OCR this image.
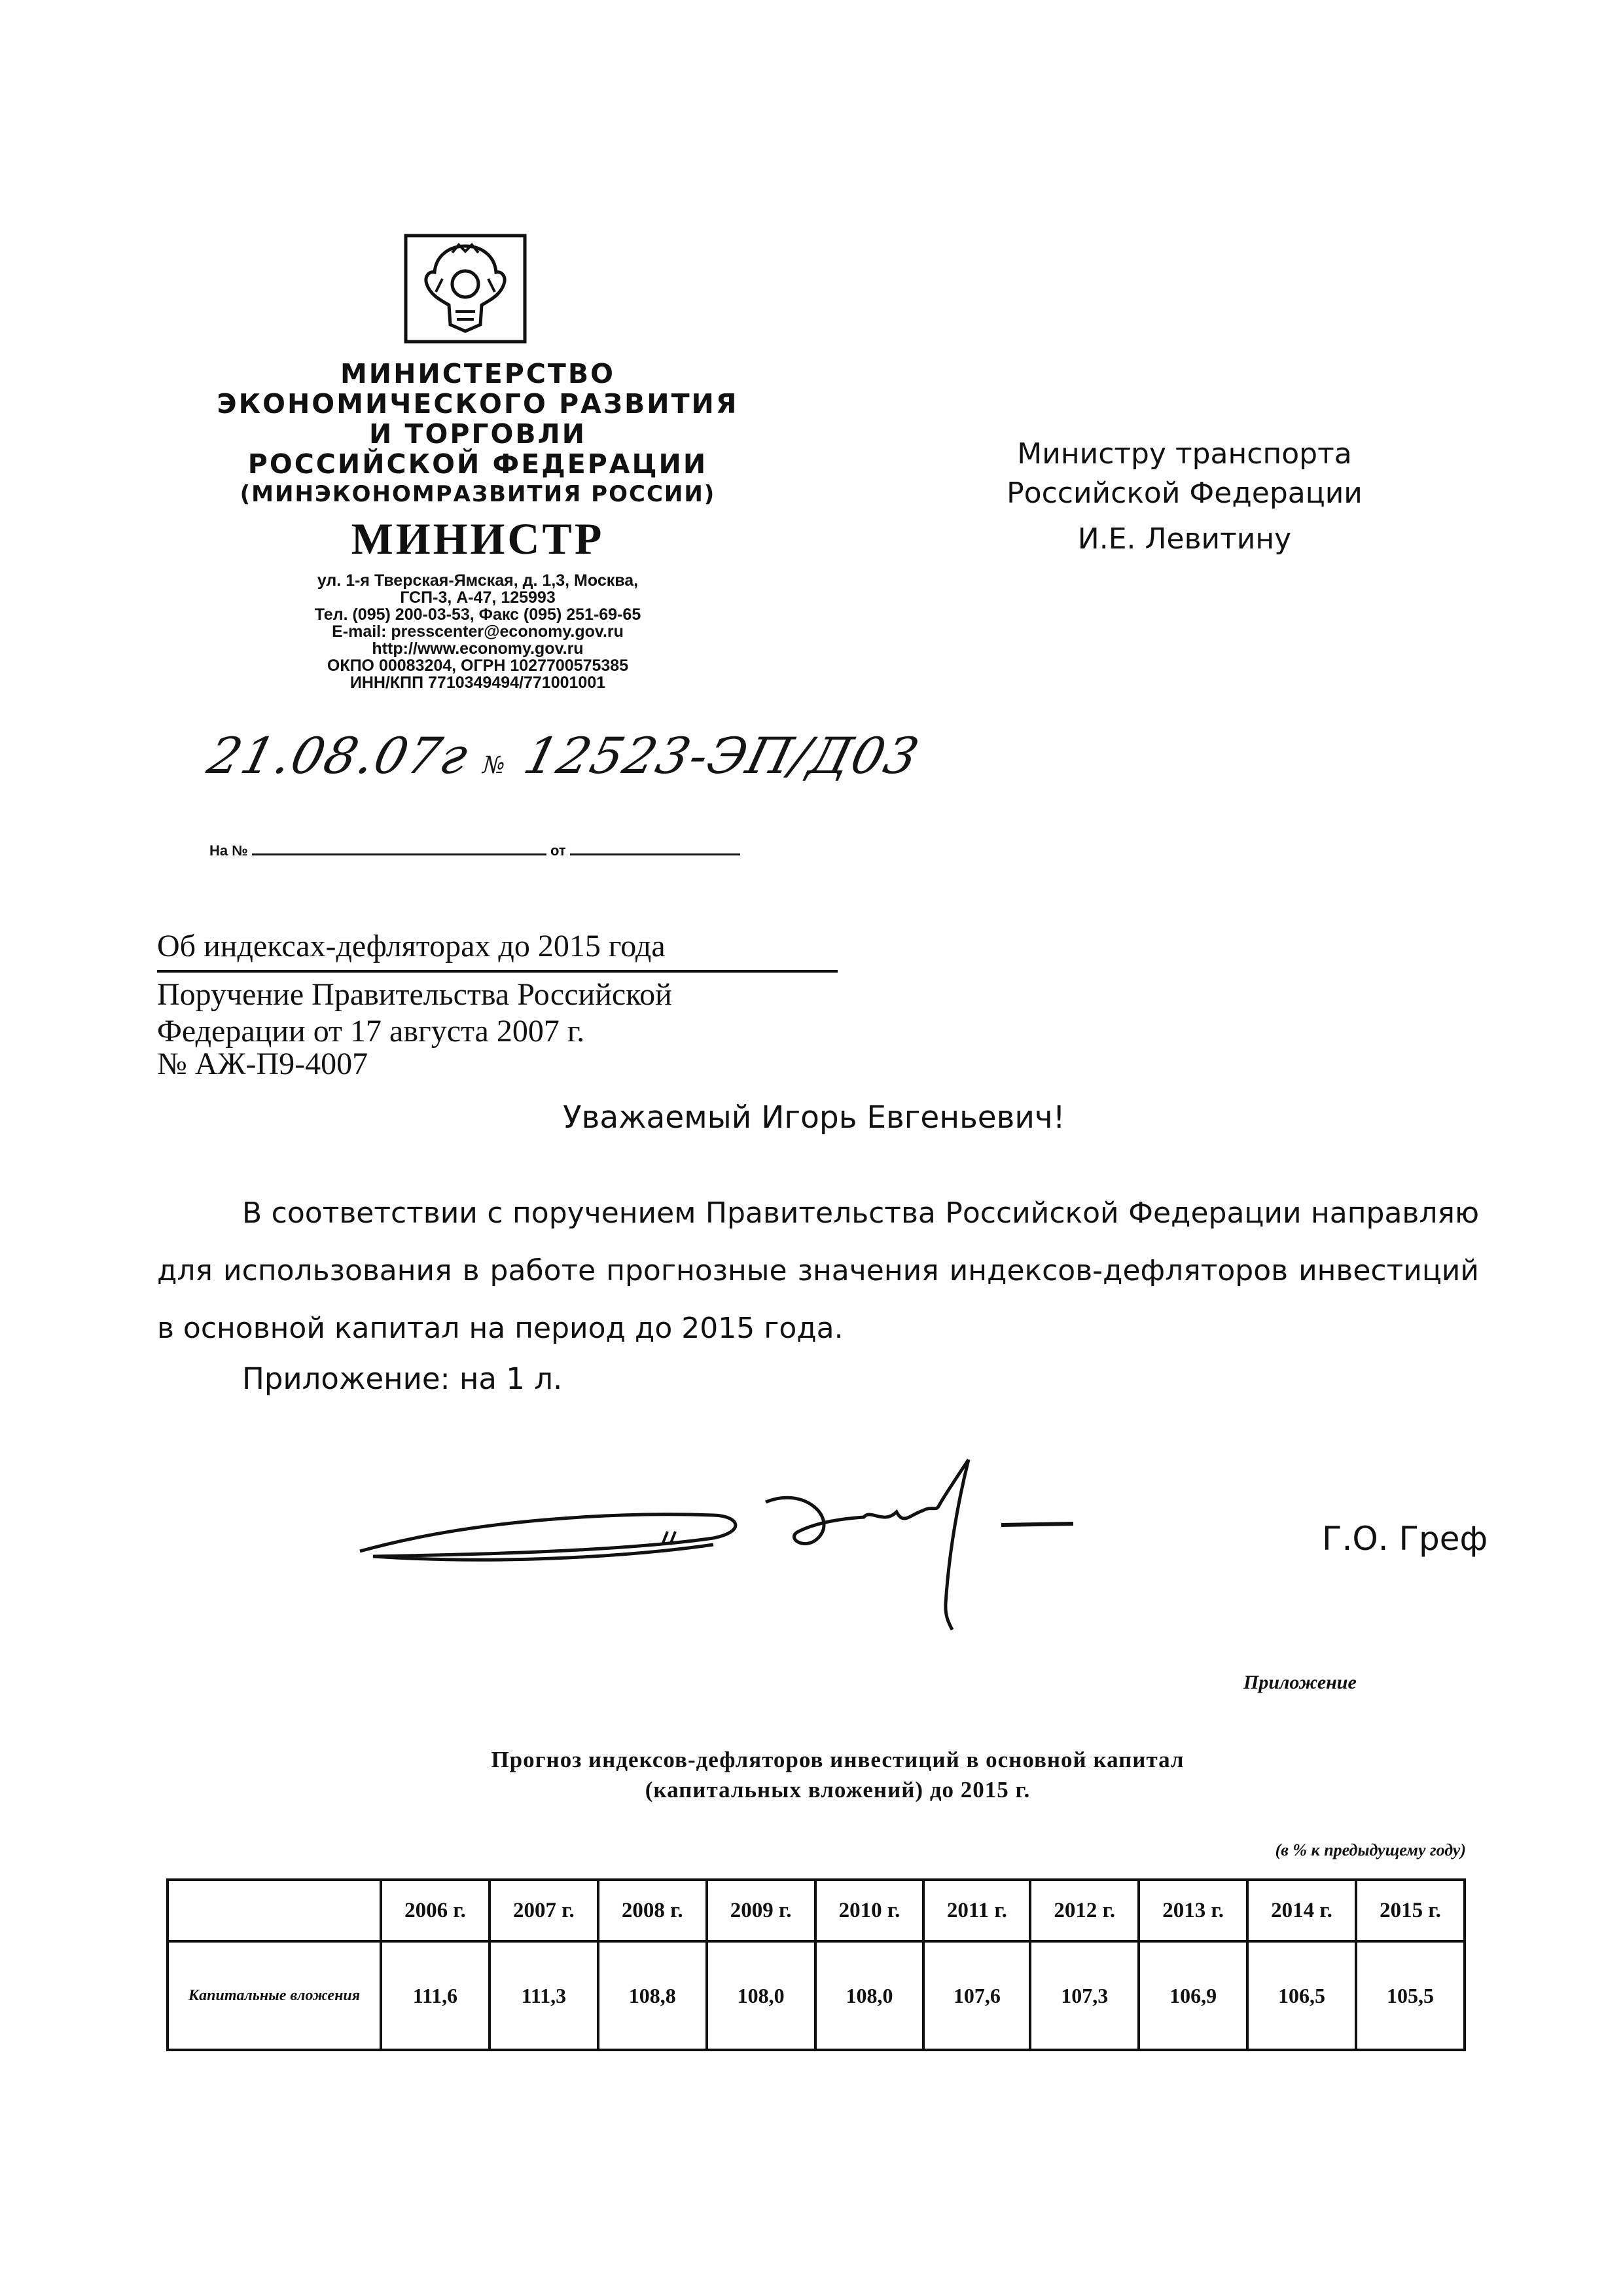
МИНИСТЕРСТВО
ЭКОНОМИЧЕСКОГО РАЗВИТИЯ
И ТОРГОВЛИ
РОССИЙСКОЙ ФЕДЕРАЦИИ
(МИНЭКОНОМРАЗВИТИЯ РОССИИ)
МИНИСТР
ул. 1-я Тверская-Ямская, д. 1,3, Москва,
ГСП-3, А-47, 125993
Тел. (095) 200-03-53, Факс (095) 251-69-65
E-mail: presscenter@economy.gov.ru
http://www.economy.gov.ru
ОКПО 00083204, ОГРН 1027700575385
ИНН/КПП 7710349494/771001001
21.08.07г № 12523-ЭП/Д03
На №	от
Министру транспорта
Российской Федерации
И.Е. Левитину
Об индексах-дефляторах до 2015 года
Поручение Правительства Российской
Федерации от 17 августа 2007 г.
№ АЖ-П9-4007
Уважаемый Игорь Евгеньевич!
В соответствии с поручением Правительства Российской Федерации направляю для использования в работе прогнозные значения индексов-дефляторов инвестиций в основной капитал на период до 2015 года.
Приложение: на 1 л.
Г.О. Греф
Приложение
Прогноз индексов-дефляторов инвестиций в основной капитал
(капитальных вложений) до 2015 г.
(в % к предыдущему году)
	2006 г.	2007 г.	2008 г.	2009 г.	2010 г.	2011 г.	2012 г.	2013 г.	2014 г.	2015 г.
Капитальные вложения	111,6	111,3	108,8	108,0	108,0	107,6	107,3	106,9	106,5	105,5
